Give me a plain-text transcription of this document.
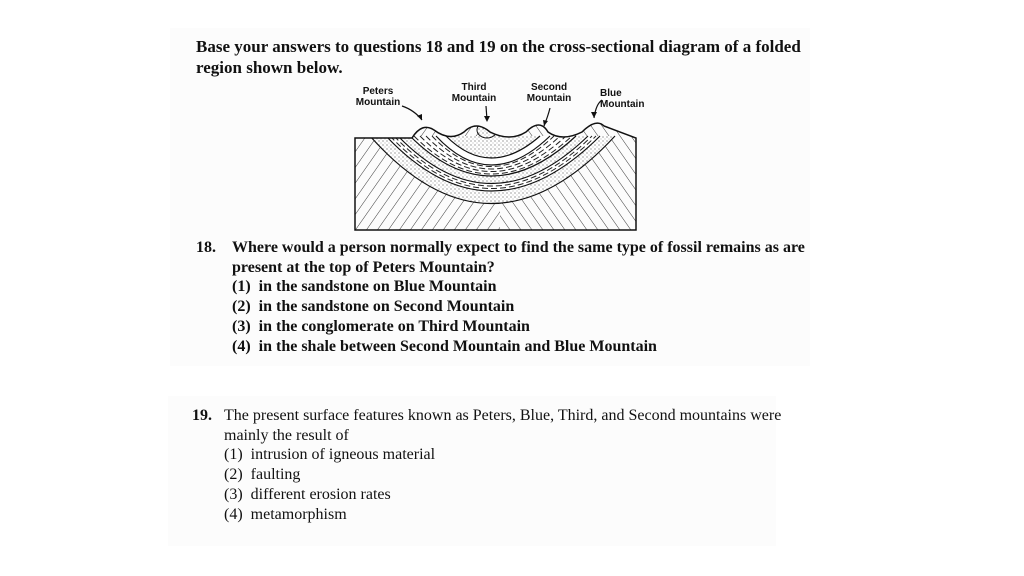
Base your answers to questions 18 and 19 on the cross-sectional diagram of a folded region shown below.

Peters
Mountain
Third
Mountain
Second
Mountain	Blue
Mountain
18.	Where would a person normally expect to find the same type of fossil remains as are present at the top of Peters Mountain?
(1) in the sandstone on Blue Mountain
(2) in the sandstone on Second Mountain
(3) in the conglomerate on Third Mountain
(4) in the shale between Second Mountain and Blue Mountain
19. The present surface features known as Peters, Blue, Third, and Second mountains were mainly the result of
(1) intrusion of igneous material
(2) faulting
(3) different erosion rates
(4) metamorphism
